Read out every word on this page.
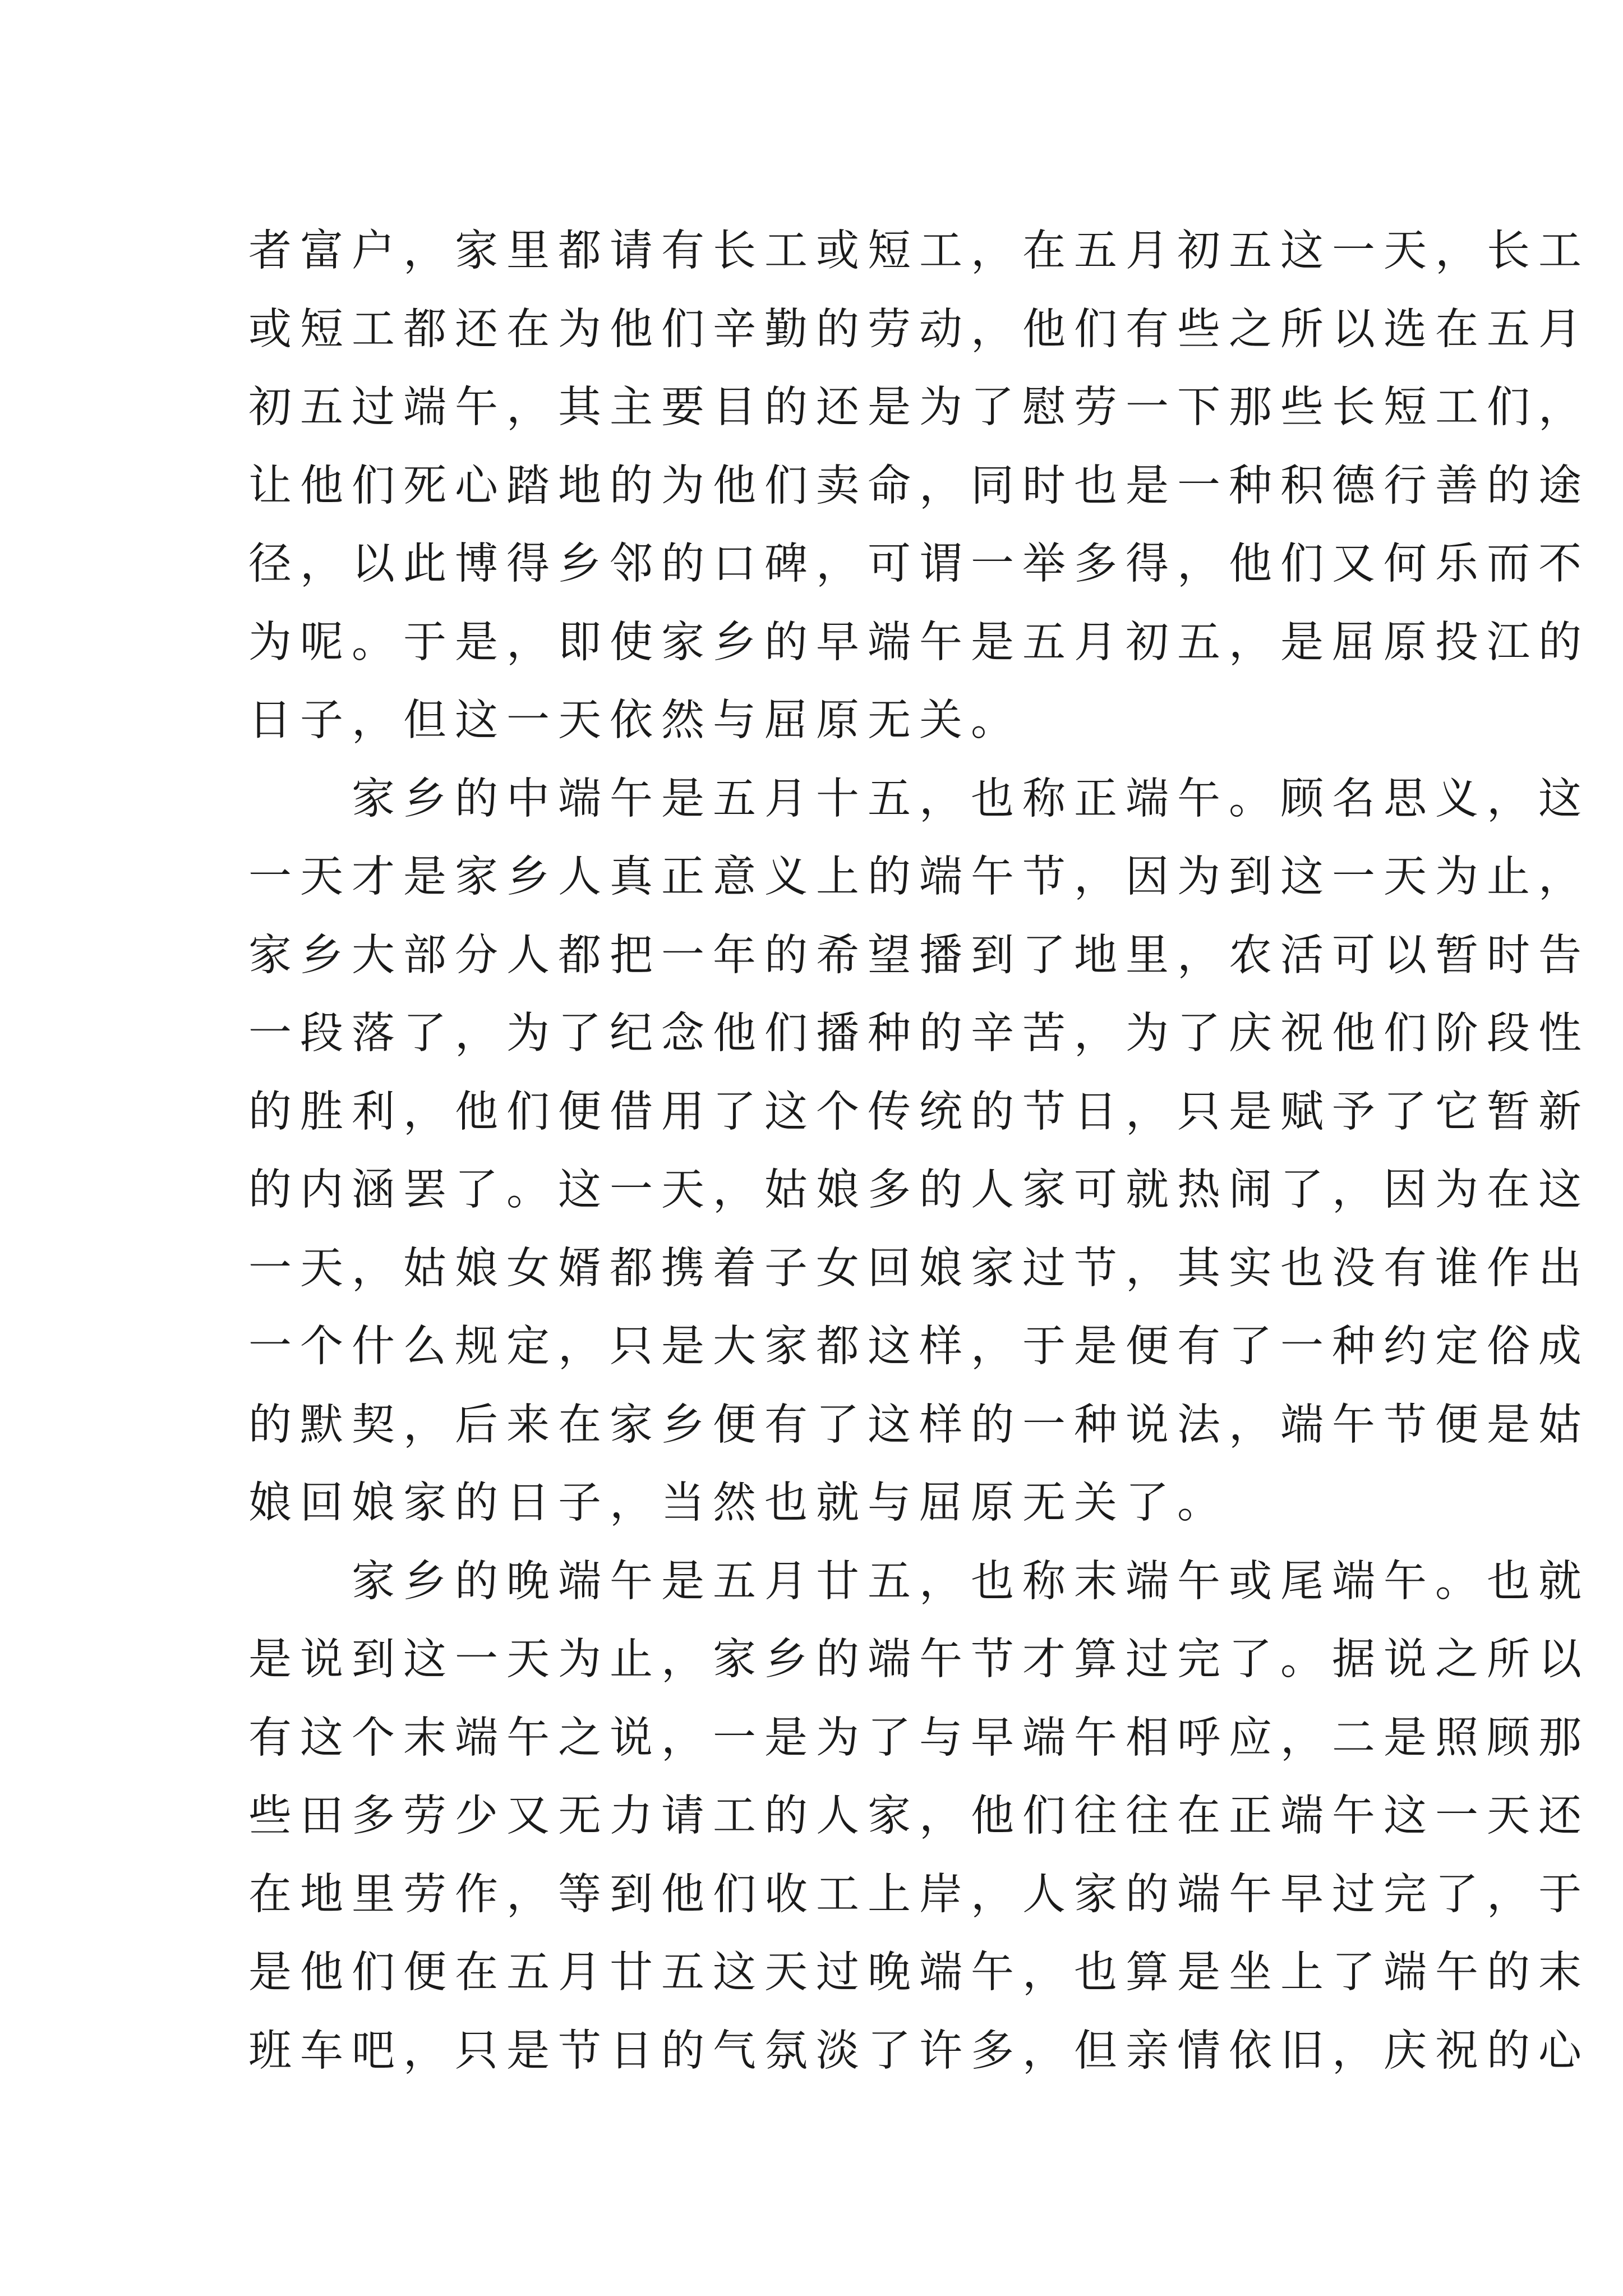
者富户，家里都请有长工或短工，在五月初五这一天，长工
或短工都还在为他们辛勤的劳动，他们有些之所以选在五月
初五过端午，其主要目的还是为了慰劳一下那些长短工们，
让他们死心踏地的为他们卖命，同时也是一种积德行善的途
径，以此博得乡邻的口碑，可谓一举多得，他们又何乐而不
为呢。于是，即使家乡的早端午是五月初五，是屈原投江的
日子，但这一天依然与屈原无关。
　　家乡的中端午是五月十五，也称正端午。顾名思义，这
一天才是家乡人真正意义上的端午节，因为到这一天为止，
家乡大部分人都把一年的希望播到了地里，农活可以暂时告
一段落了，为了纪念他们播种的辛苦，为了庆祝他们阶段性
的胜利，他们便借用了这个传统的节日，只是赋予了它暂新
的内涵罢了。这一天，姑娘多的人家可就热闹了，因为在这
一天，姑娘女婿都携着子女回娘家过节，其实也没有谁作出
一个什么规定，只是大家都这样，于是便有了一种约定俗成
的默契，后来在家乡便有了这样的一种说法，端午节便是姑
娘回娘家的日子，当然也就与屈原无关了。
　　家乡的晚端午是五月廿五，也称末端午或尾端午。也就
是说到这一天为止，家乡的端午节才算过完了。据说之所以
有这个末端午之说，一是为了与早端午相呼应，二是照顾那
些田多劳少又无力请工的人家，他们往往在正端午这一天还
在地里劳作，等到他们收工上岸，人家的端午早过完了，于
是他们便在五月廿五这天过晚端午，也算是坐上了端午的末
班车吧，只是节日的气氛淡了许多，但亲情依旧，庆祝的心
